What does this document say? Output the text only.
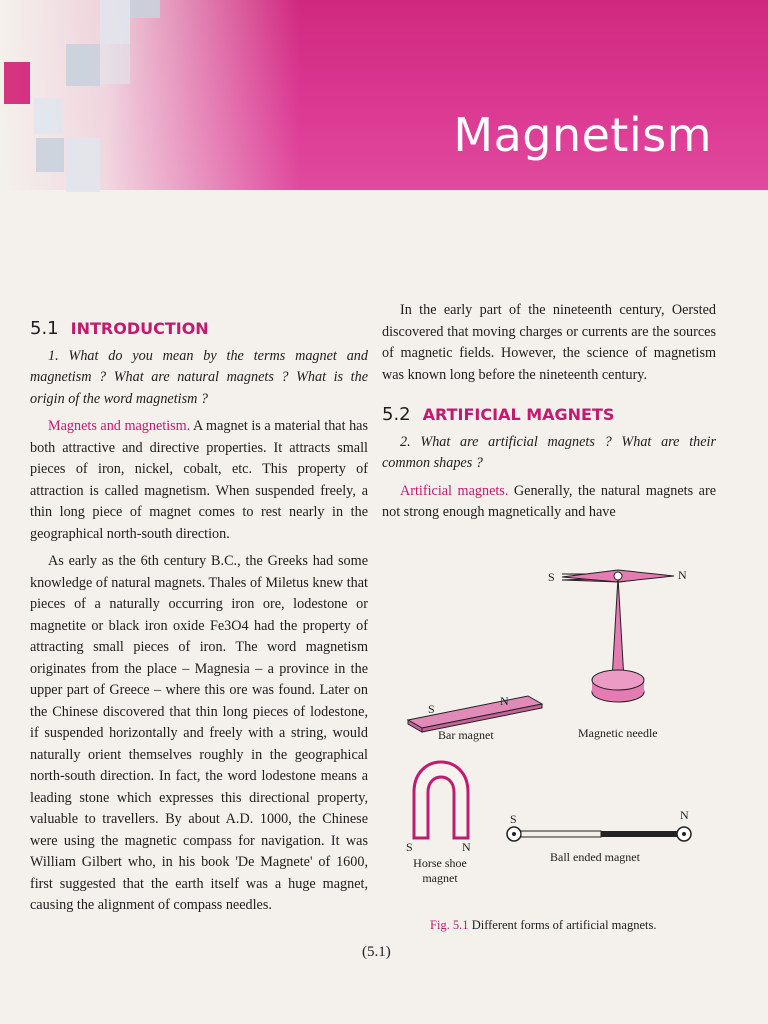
Magnetism
5.1 INTRODUCTION

1. What do you mean by the terms magnet and magnetism ? What are natural magnets ? What is the origin of the word magnetism ?

Magnets and magnetism. A magnet is a material that has both attractive and directive properties. It attracts small pieces of iron, nickel, cobalt, etc. This property of attraction is called magnetism. When suspended freely, a thin long piece of magnet comes to rest nearly in the geographical north-south direction.

As early as the 6th century B.C., the Greeks had some knowledge of natural magnets. Thales of Miletus knew that pieces of a naturally occurring iron ore, lodestone or magnetite or black iron oxide Fe3O4 had the property of attracting small pieces of iron. The word magnetism originates from the place – Magnesia – a province in the upper part of Greece – where this ore was found. Later on the Chinese discovered that thin long pieces of lodestone, if suspended horizontally and freely with a string, would naturally orient themselves roughly in the geographical north-south direction. In fact, the word lodestone means a leading stone which expresses this directional property, valuable to travellers. By about A.D. 1000, the Chinese were using the magnetic compass for navigation. It was William Gilbert who, in his book 'De Magnete' of 1600, first suggested that the earth itself was a huge magnet, causing the alignment of compass needles.

In the early part of the nineteenth century, Oersted discovered that moving charges or currents are the sources of magnetic fields. However, the science of magnetism was known long before the nineteenth century.

5.2 ARTIFICIAL MAGNETS

2. What are artificial magnets ? What are their common shapes ?

Artificial magnets. Generally, the natural magnets are not strong enough magnetically and have

S	N
S
N
Bar magnet	Magnetic needle
S	N
Horse shoe magnet
S	N
Ball ended magnet
Fig. 5.1 Different forms of artificial magnets.
(5.1)
